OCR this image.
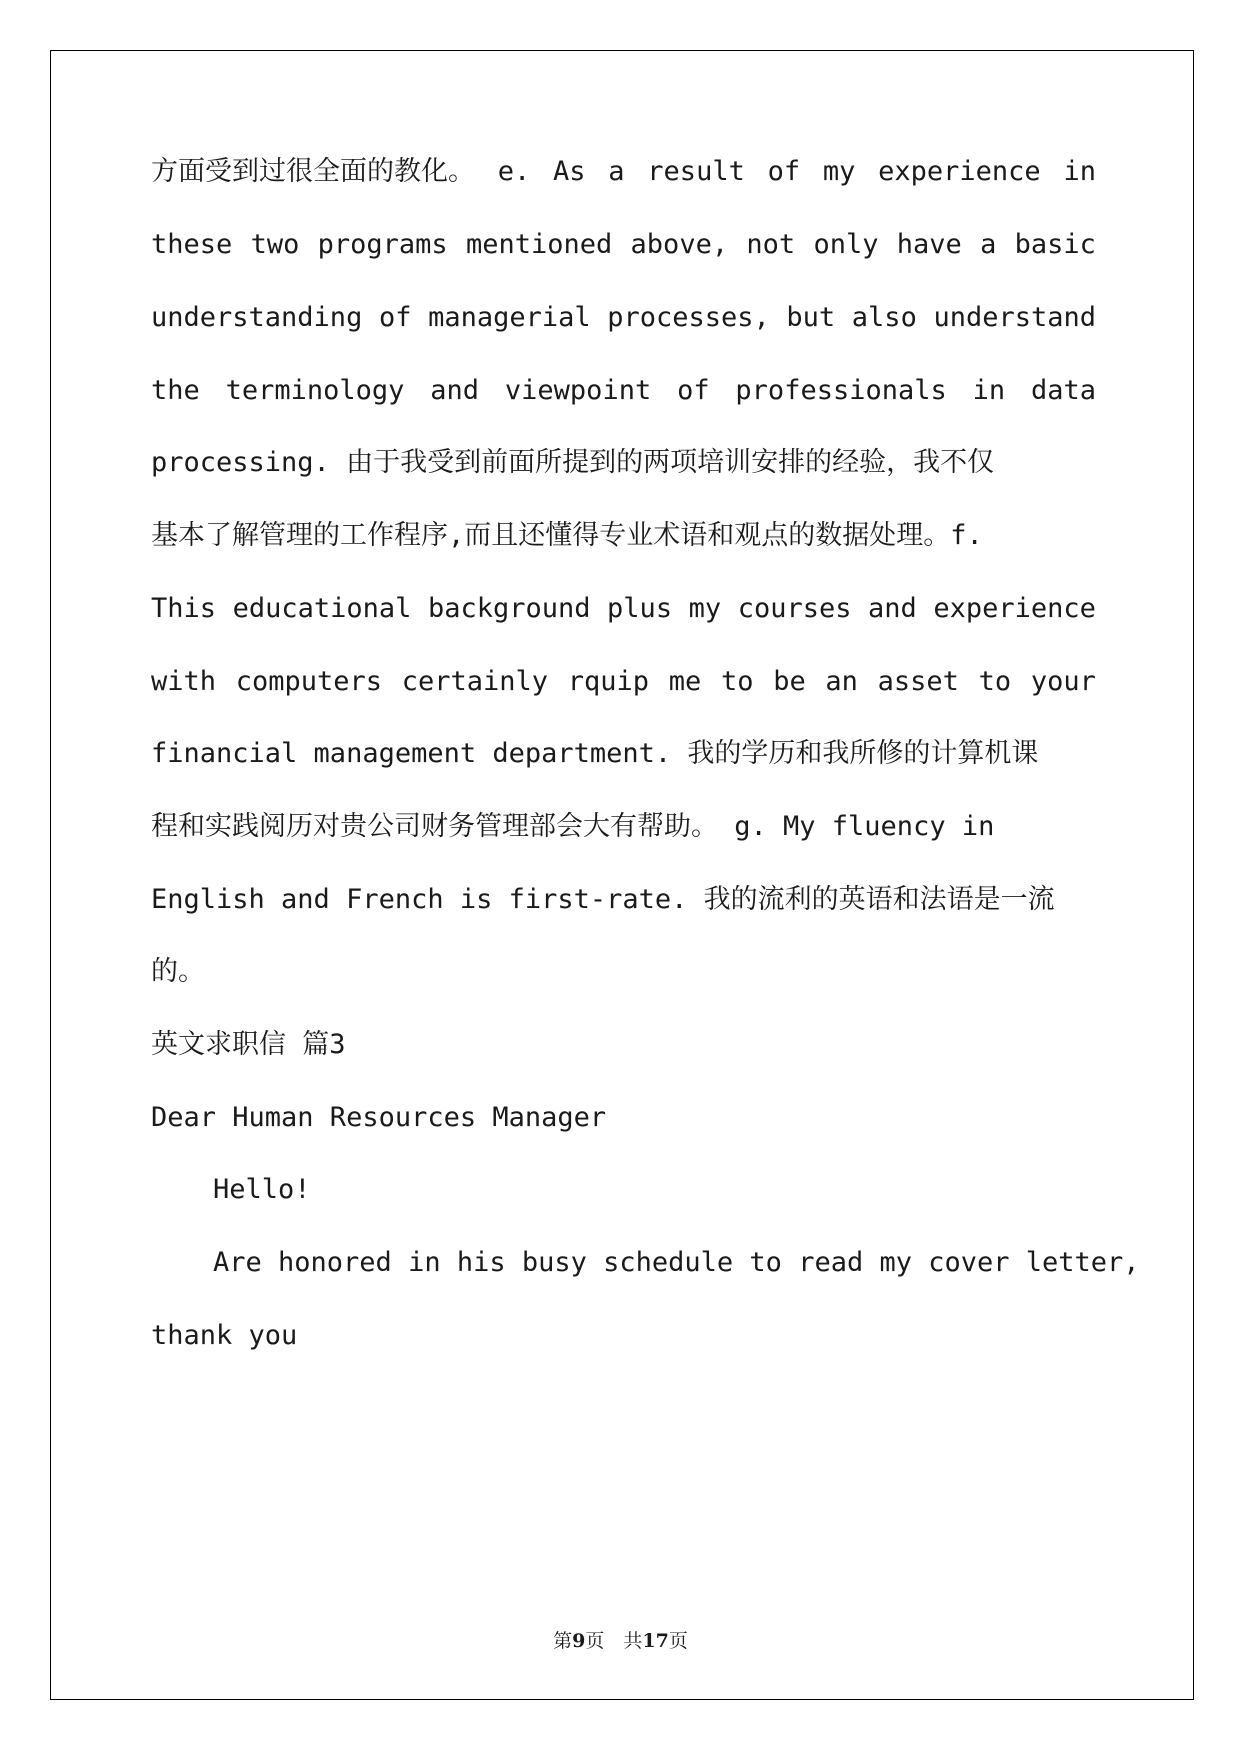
方面受到过很全面的教化。 e. As a result of my experience in
these two programs mentioned above, not only have a basic
understanding of managerial processes, but also understand
the terminology and viewpoint of professionals in data
processing. 由于我受到前面所提到的两项培训安排的经验，我不仅
基本了解管理的工作程序,而且还懂得专业术语和观点的数据处理。f.
This educational background plus my courses and experience
with computers certainly rquip me to be an asset to your
financial management department. 我的学历和我所修的计算机课
程和实践阅历对贵公司财务管理部会大有帮助。 g. My fluency in
English and French is first-rate. 我的流利的英语和法语是一流
的。
英文求职信 篇3
Dear Human Resources Manager
Hello!
Are honored in his busy schedule to read my cover letter,
thank you
第9页　共17页
